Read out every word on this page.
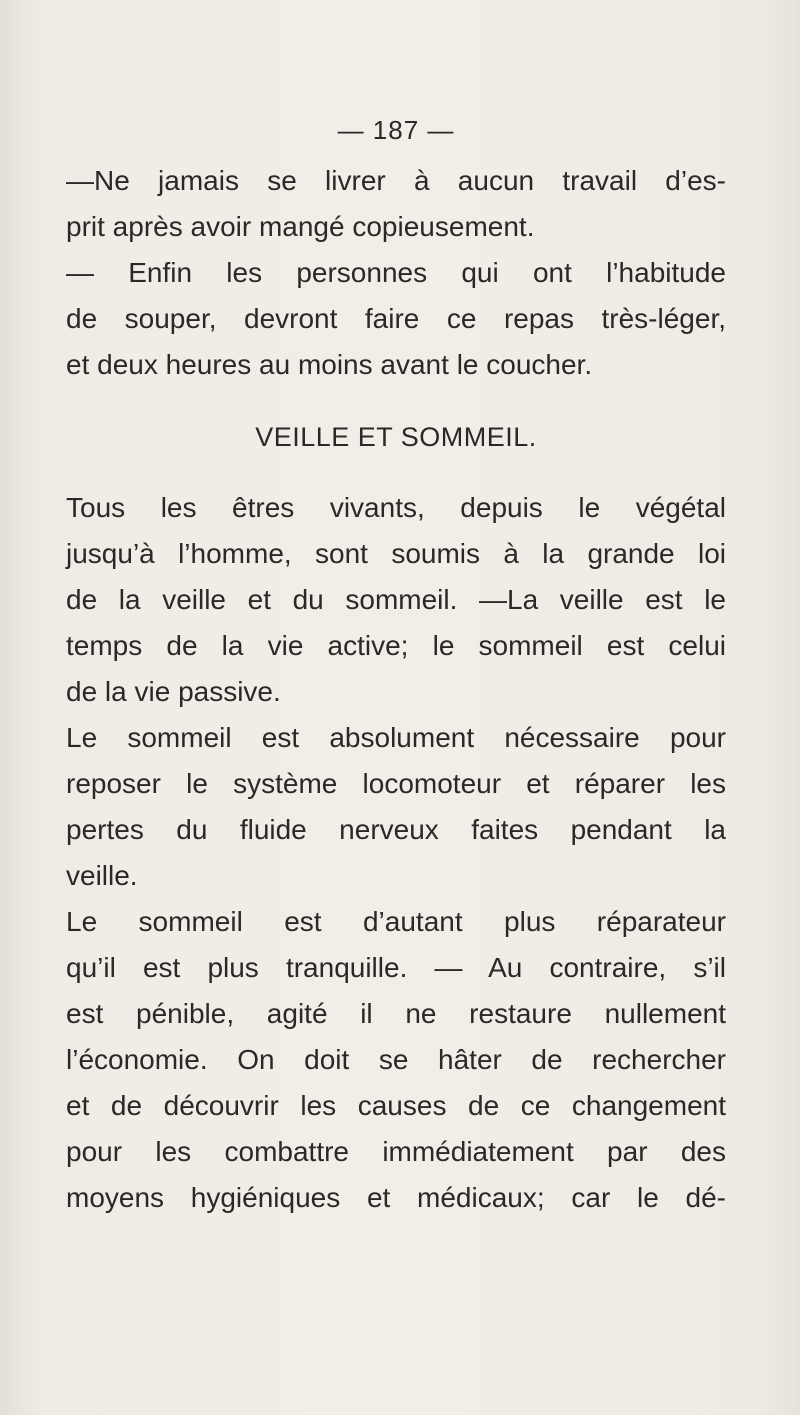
— 187 —
—Ne jamais se livrer à aucun travail d’es-
prit après avoir mangé copieusement.
— Enfin les personnes qui ont l’habitude
de souper, devront faire ce repas très-léger,
et deux heures au moins avant le coucher.
VEILLE ET SOMMEIL.
Tous les êtres vivants, depuis le végétal
jusqu’à l’homme, sont soumis à la grande loi
de la veille et du sommeil. —La veille est le
temps de la vie active; le sommeil est celui
de la vie passive.
Le sommeil est absolument nécessaire pour
reposer le système locomoteur et réparer les
pertes du fluide nerveux faites pendant la
veille.
Le sommeil est d’autant plus réparateur
qu’il est plus tranquille. — Au contraire, s’il
est pénible, agité il ne restaure nullement
l’économie. On doit se hâter de rechercher
et de découvrir les causes de ce changement
pour les combattre immédiatement par des
moyens hygiéniques et médicaux; car le dé-
